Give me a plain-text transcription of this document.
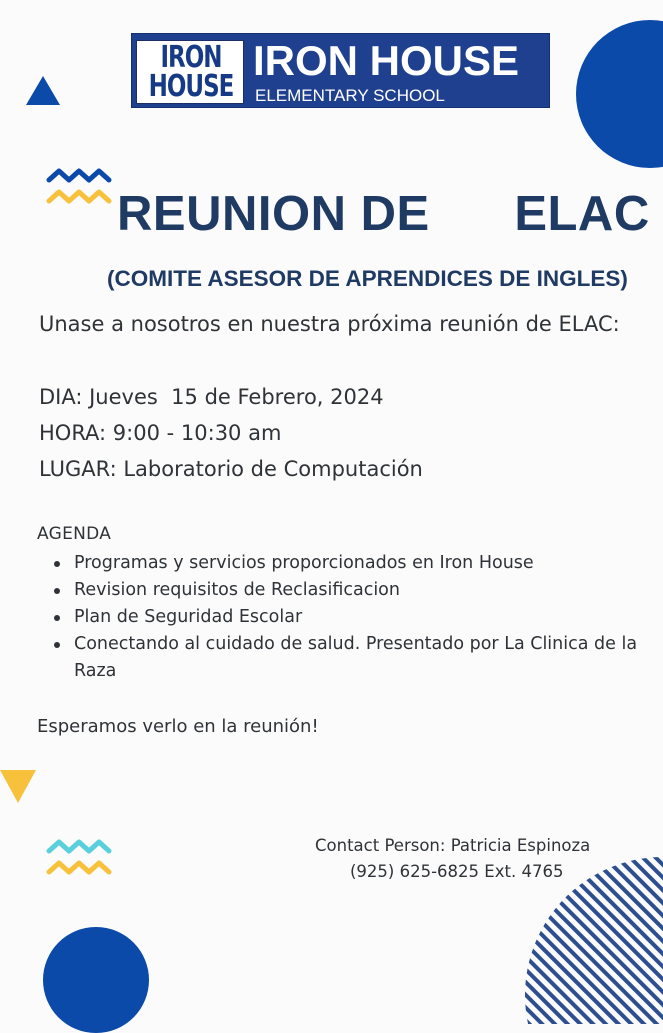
IRON
HOUSE
IRON HOUSE
ELEMENTARY SCHOOL
REUNION DE      ELAC
(COMITE ASESOR DE APRENDICES DE INGLES)
Unase a nosotros en nuestra próxima reunión de ELAC:
DIA: Jueves  15 de Febrero, 2024
HORA: 9:00 - 10:30 am
LUGAR: Laboratorio de Computación
AGENDA
Programas y servicios proporcionados en Iron House
Revision requisitos de Reclasificacion
Plan de Seguridad Escolar
Conectando al cuidado de salud. Presentado por La Clinica de la Raza
Esperamos verlo en la reunión!
Contact Person: Patricia Espinoza
(925) 625-6825 Ext. 4765
